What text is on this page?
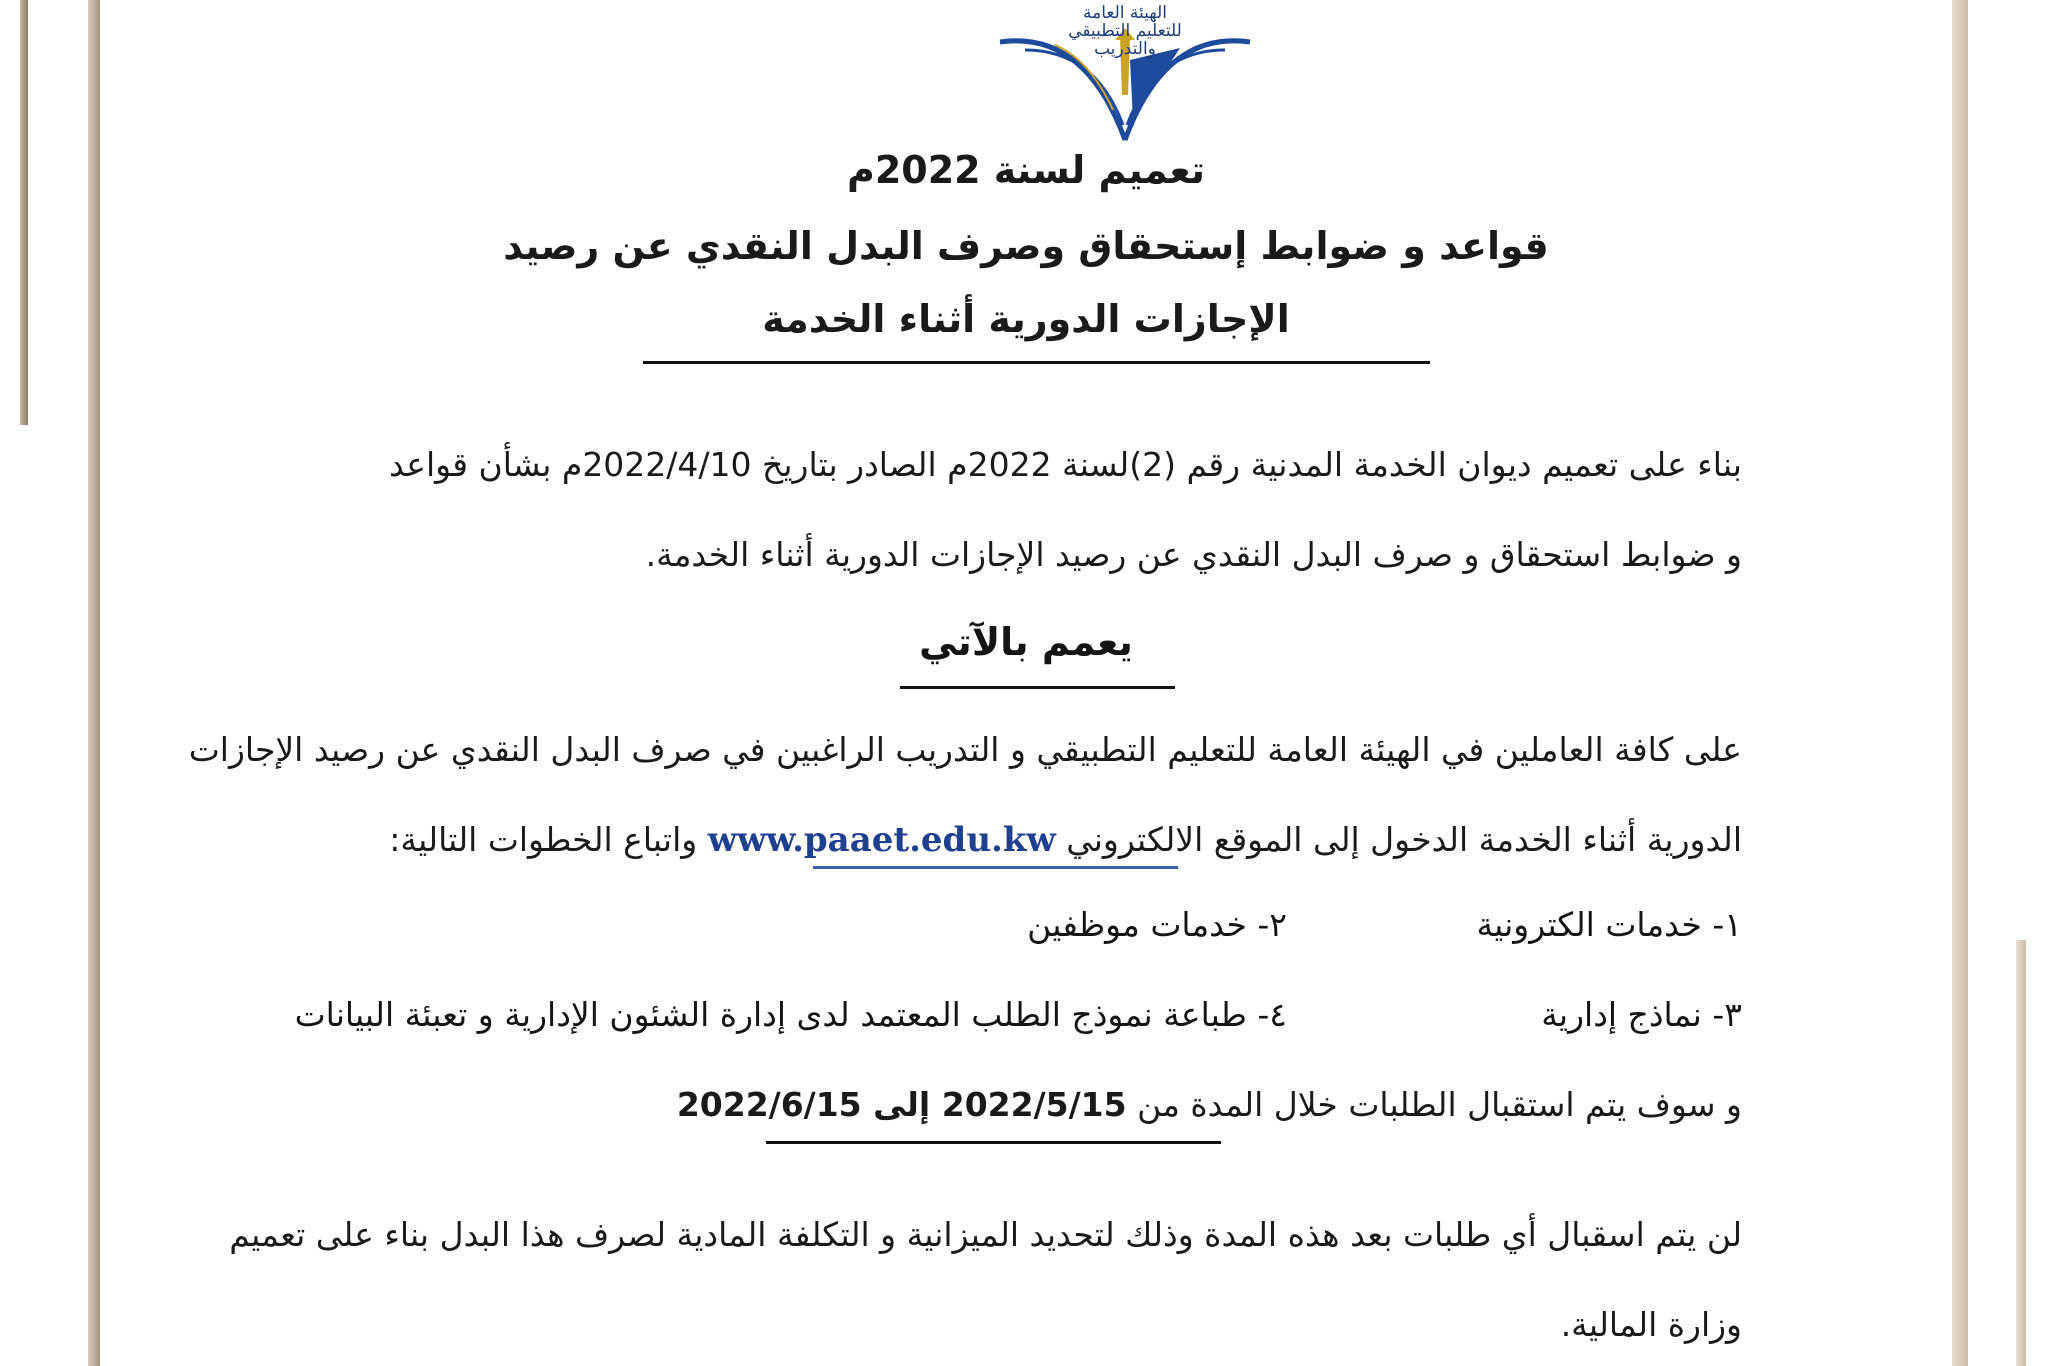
الهيئة العامة
للتعليم التطبيقي والتدريب
تعميم لسنة 2022م
قواعد و ضوابط إستحقاق وصرف البدل النقدي عن رصيد
الإجازات الدورية أثناء الخدمة
بناء على تعميم ديوان الخدمة المدنية رقم (2)لسنة 2022م الصادر بتاريخ 2022/4/10م بشأن قواعد
و ضوابط استحقاق و صرف البدل النقدي عن رصيد الإجازات الدورية أثناء الخدمة.
يعمم بالآتي
على كافة العاملين في الهيئة العامة للتعليم التطبيقي و التدريب الراغبين في صرف البدل النقدي عن رصيد الإجازات
الدورية أثناء الخدمة الدخول إلى الموقع الالكتروني www.paaet.edu.kw واتباع الخطوات التالية:
١- خدمات الكترونية
٢- خدمات موظفين
٣- نماذج إدارية
٤- طباعة نموذج الطلب المعتمد لدى إدارة الشئون الإدارية و تعبئة البيانات
و سوف يتم استقبال الطلبات خلال المدة من 2022/5/15 إلى 2022/6/15
لن يتم اسقبال أي طلبات بعد هذه المدة وذلك لتحديد الميزانية و التكلفة المادية لصرف هذا البدل بناء على تعميم
وزارة المالية.
